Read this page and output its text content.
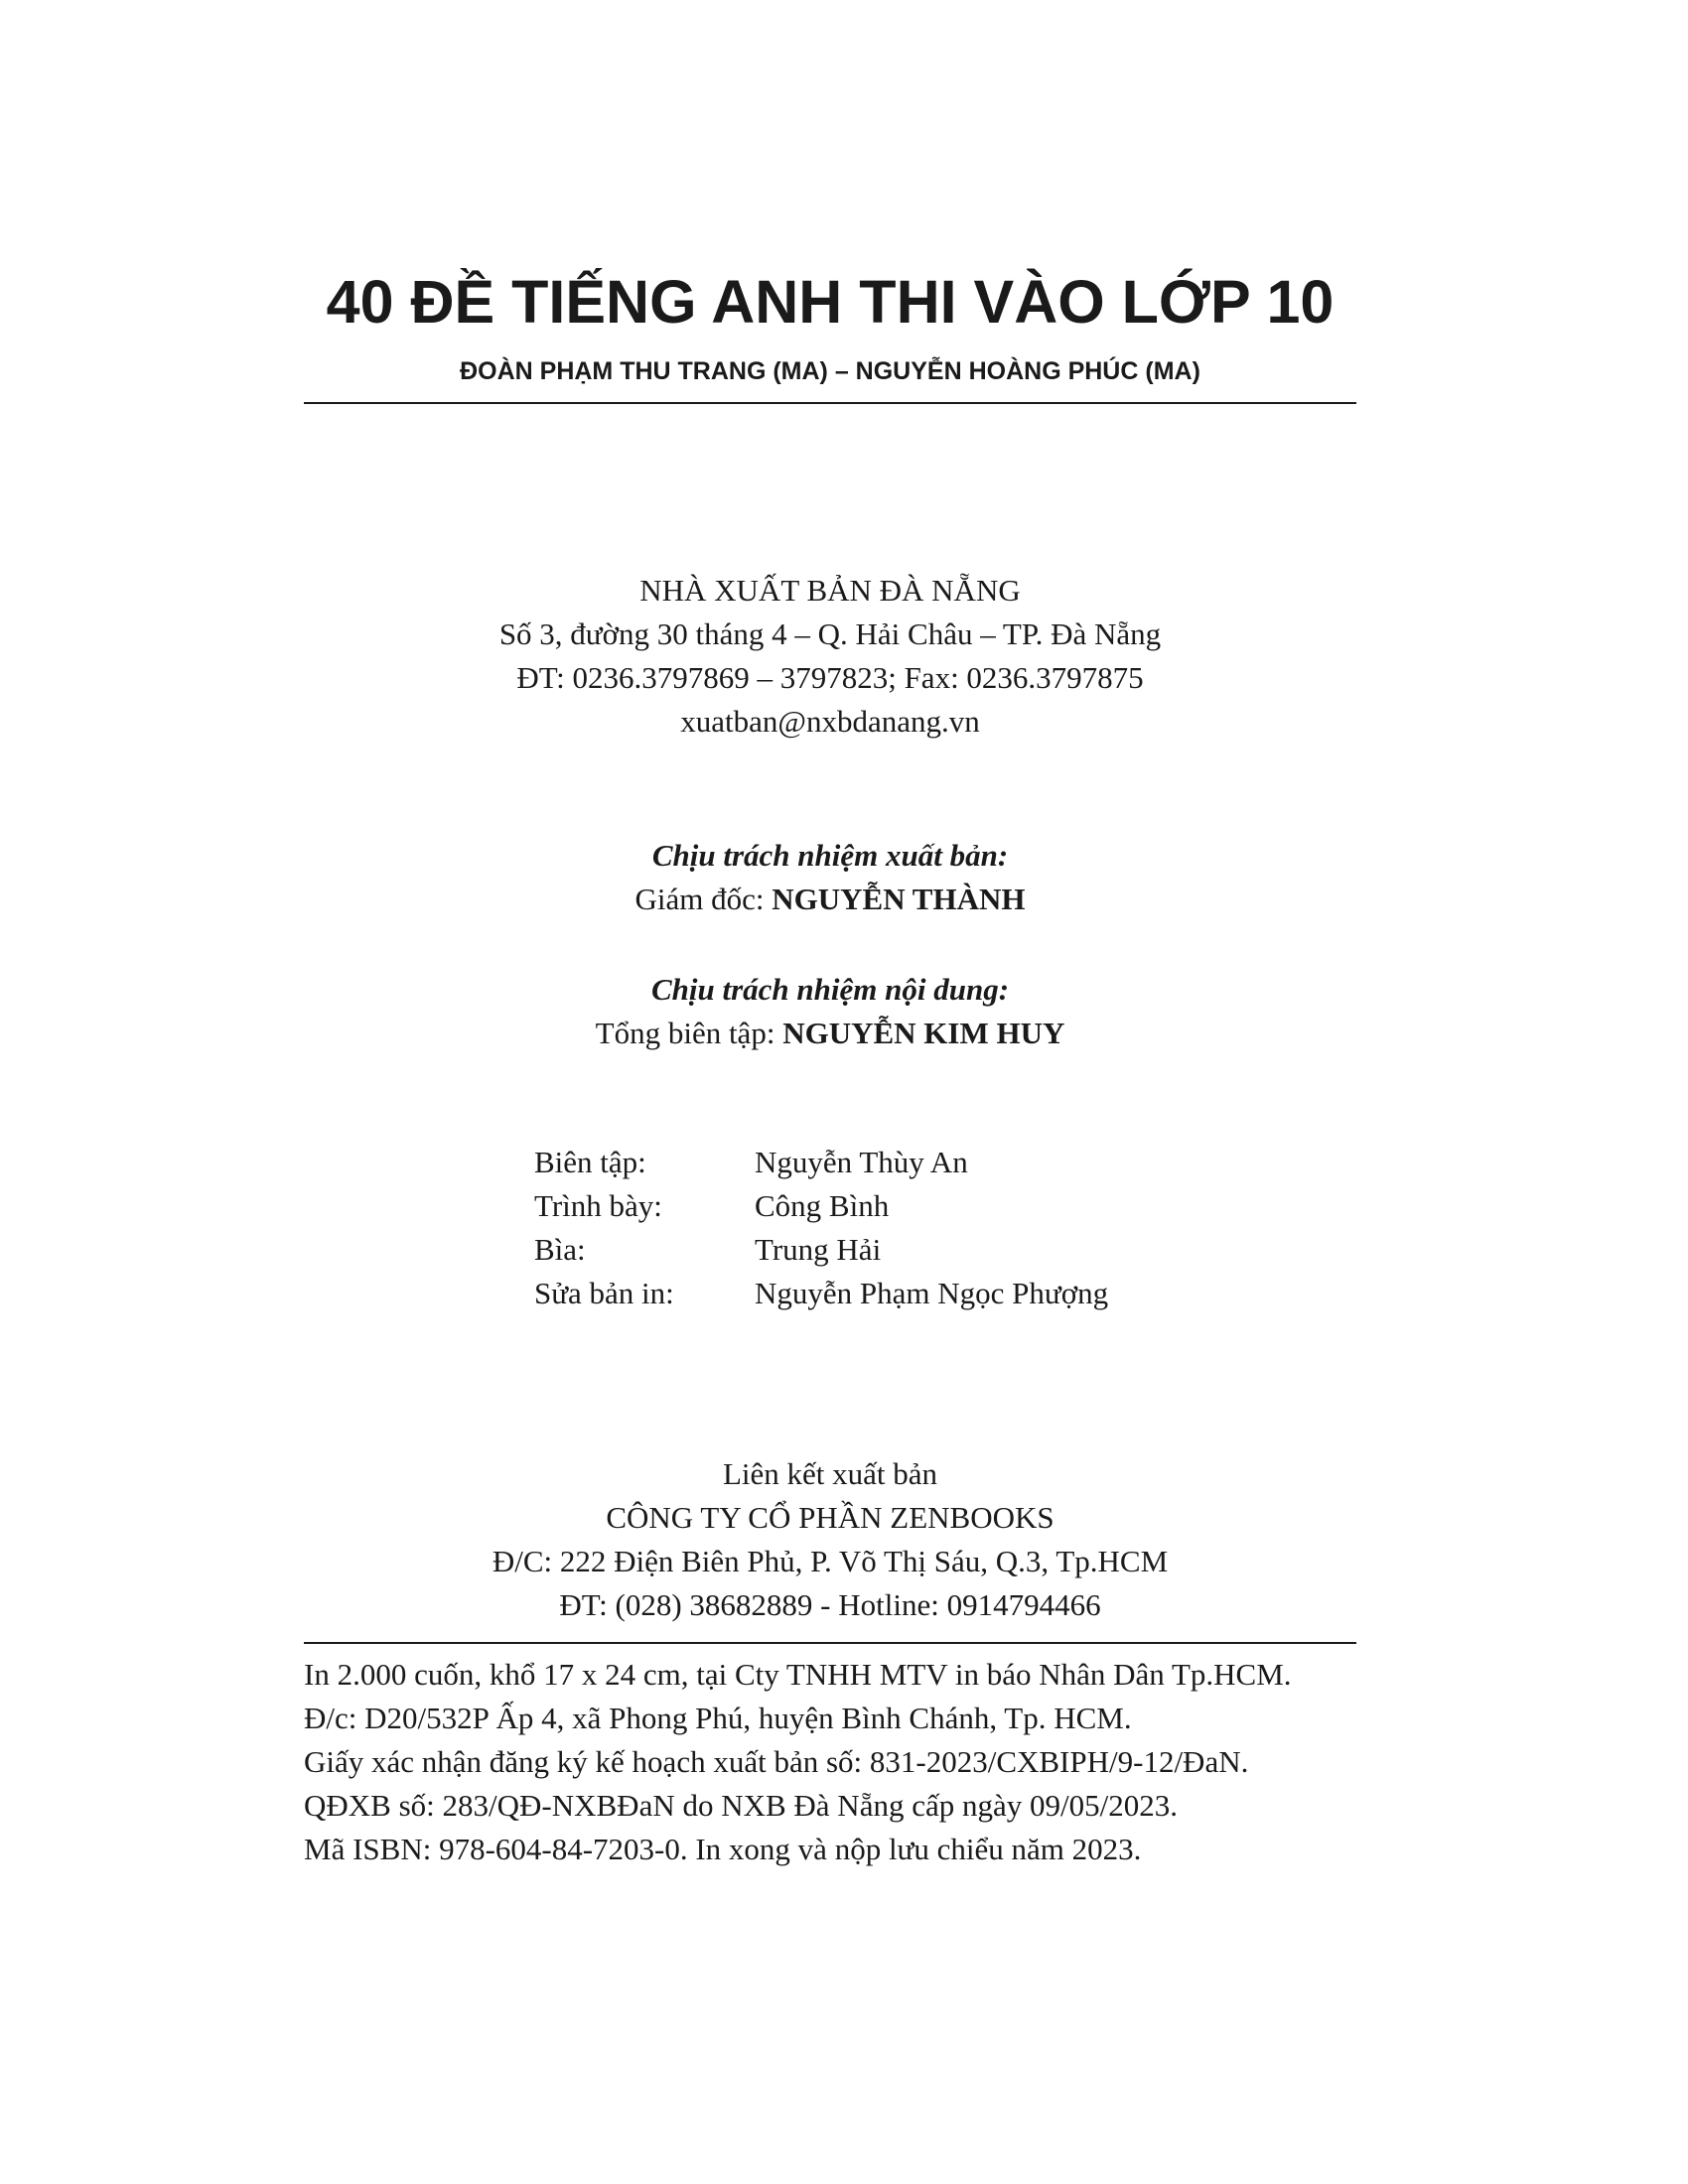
40 ĐỀ TIẾNG ANH THI VÀO LỚP 10
ĐOÀN PHẠM THU TRANG (MA) – NGUYỄN HOÀNG PHÚC (MA)
NHÀ XUẤT BẢN ĐÀ NẴNG
Số 3, đường 30 tháng 4 – Q. Hải Châu – TP. Đà Nẵng
ĐT: 0236.3797869 – 3797823; Fax: 0236.3797875
xuatban@nxbdanang.vn
Chịu trách nhiệm xuất bản:
Giám đốc: NGUYỄN THÀNH
Chịu trách nhiệm nội dung:
Tổng biên tập: NGUYỄN KIM HUY
Biên tập:	Nguyễn Thùy An
Trình bày:	Công Bình
Bìa:	Trung Hải
Sửa bản in:	Nguyễn Phạm Ngọc Phượng
Liên kết xuất bản
CÔNG TY CỔ PHẦN ZENBOOKS
Đ/C: 222 Điện Biên Phủ, P. Võ Thị Sáu, Q.3, Tp.HCM
ĐT: (028) 38682889 - Hotline: 0914794466
In 2.000 cuốn, khổ 17 x 24 cm, tại Cty TNHH MTV in báo Nhân Dân Tp.HCM.
Đ/c: D20/532P Ấp 4, xã Phong Phú, huyện Bình Chánh, Tp. HCM.
Giấy xác nhận đăng ký kế hoạch xuất bản số: 831-2023/CXBIPH/9-12/ĐaN.
QĐXB số: 283/QĐ-NXBĐaN do NXB Đà Nẵng cấp ngày 09/05/2023.
Mã ISBN: 978-604-84-7203-0. In xong và nộp lưu chiểu năm 2023.
